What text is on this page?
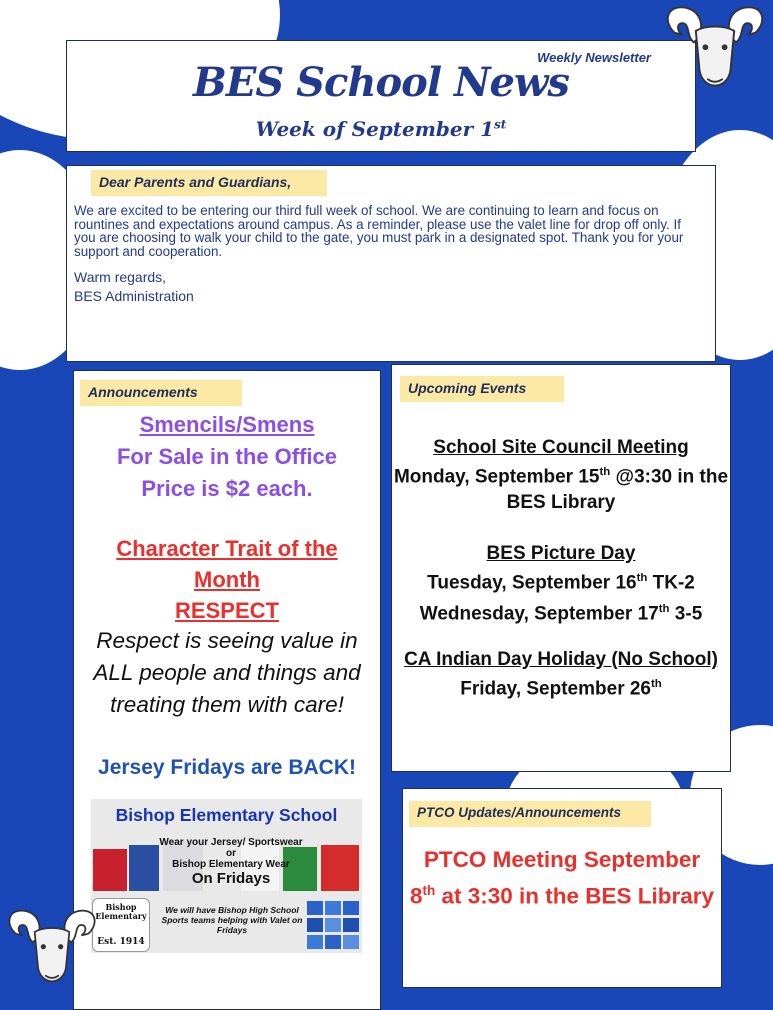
Weekly Newsletter
BES School News
Week of September 1st
Dear Parents and Guardians,
We are excited to be entering our third full week of school. We are continuing to learn and focus on rountines and expectations around campus. As a reminder, please use the valet line for drop off only. If you are choosing to walk your child to the gate, you must park in a designated spot. Thank you for your support and cooperation.
Warm regards,
BES Administration
Announcements
Smencils/Smens
For Sale in the Office
Price is $2 each.
Character Trait of the Month
RESPECT
Respect is seeing value in ALL people and things and treating them with care!
Jersey Fridays are BACK!
Bishop Elementary School
Wear your Jersey/ Sportswear
or
Bishop Elementary Wear
On Fridays
We will have Bishop High School Sports teams helping with Valet on Fridays
Bishop Elementary
Est. 1914
Upcoming Events
School Site Council Meeting
Monday, September 15th @3:30 in the BES Library
BES Picture Day
Tuesday, September 16th TK-2
Wednesday, September 17th 3-5
CA Indian Day Holiday (No School)
Friday, September 26th
PTCO Updates/Announcements
PTCO Meeting September 8th at 3:30 in the BES Library
